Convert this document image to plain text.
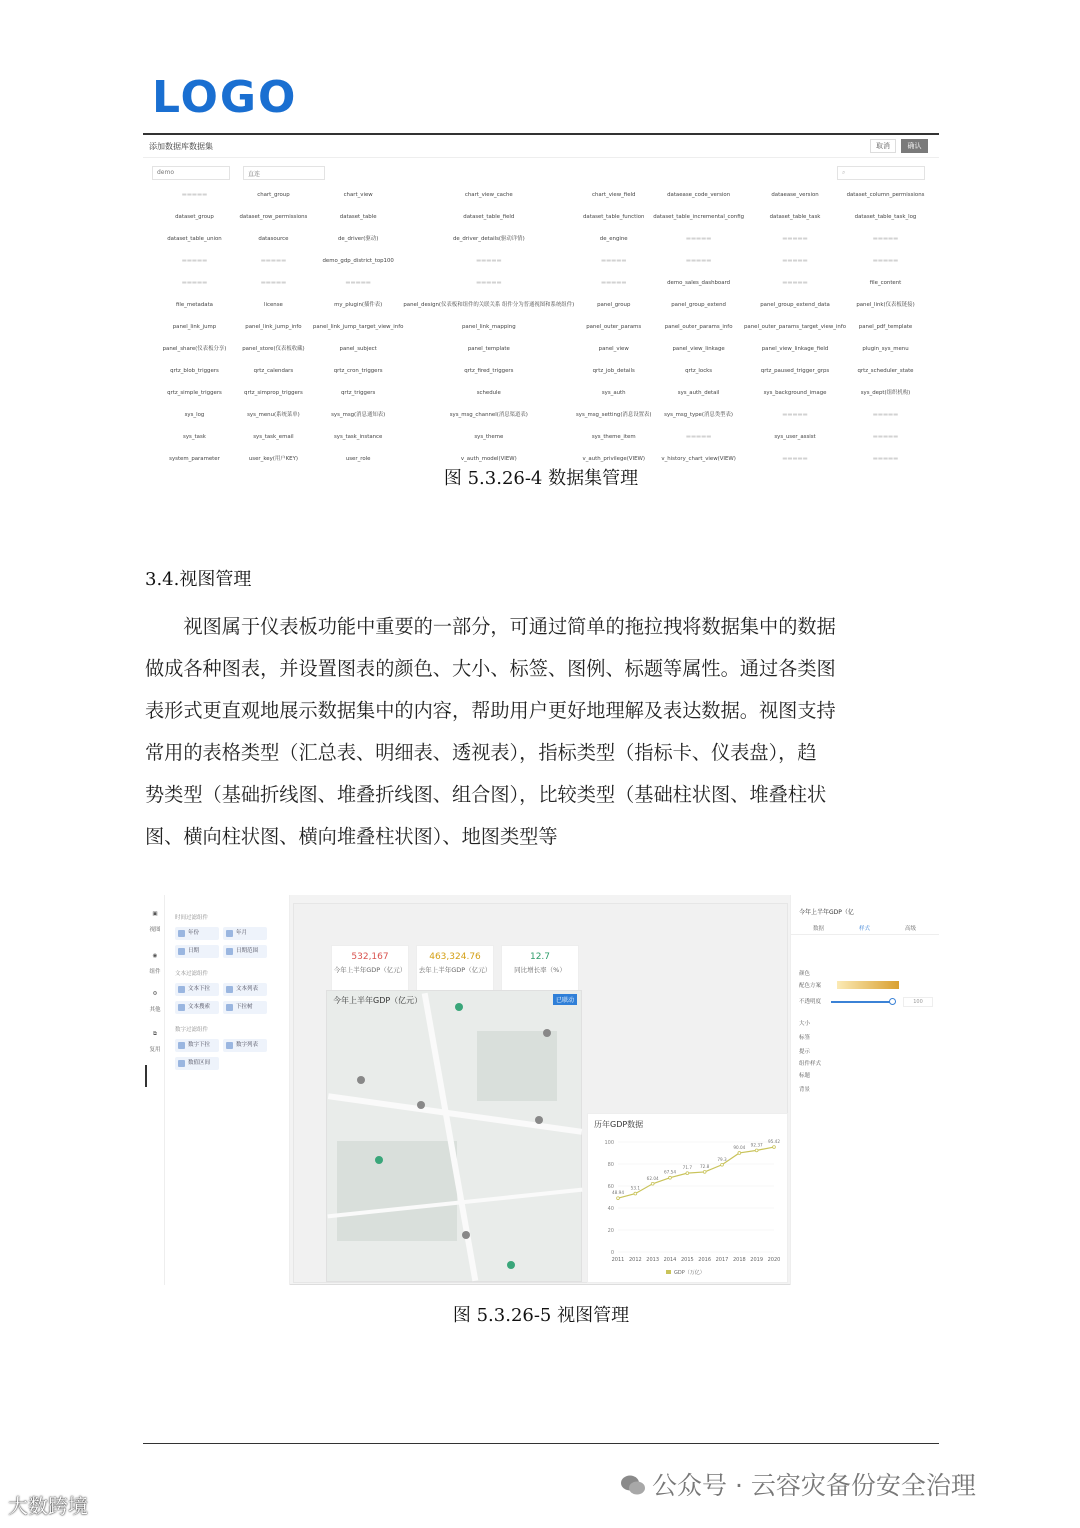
LOGO
添加数据库数据集	取消	确认
demo	直连	⌕
▬▬▬▬▬	chart_group	chart_view	chart_view_cache	chart_view_field	dataease_code_version	dataease_version	dataset_column_permissions
dataset_group	dataset_row_permissions	dataset_table	dataset_table_field	dataset_table_function	dataset_table_incremental_config	dataset_table_task	dataset_table_task_log
dataset_table_union	datasource	de_driver(驱动)	de_driver_details(驱动详情)	de_engine	▬▬▬▬▬	▬▬▬▬▬	▬▬▬▬▬
▬▬▬▬▬	▬▬▬▬▬	demo_gdp_district_top100	▬▬▬▬▬	▬▬▬▬▬	▬▬▬▬▬	▬▬▬▬▬	▬▬▬▬▬
▬▬▬▬▬	▬▬▬▬▬	▬▬▬▬▬	▬▬▬▬▬	▬▬▬▬▬	demo_sales_dashboard	▬▬▬▬▬	file_content
file_metadata	license	my_plugin(插件表)	panel_design(仪表板和组件的关联关系 组件分为普通视图和系统组件)	panel_group	panel_group_extend	panel_group_extend_data	panel_link(仪表板链接)
panel_link_jump	panel_link_jump_info	panel_link_jump_target_view_info	panel_link_mapping	panel_outer_params	panel_outer_params_info	panel_outer_params_target_view_info	panel_pdf_template
panel_share(仪表板分享)	panel_store(仪表板收藏)	panel_subject	panel_template	panel_view	panel_view_linkage	panel_view_linkage_field	plugin_sys_menu
qrtz_blob_triggers	qrtz_calendars	qrtz_cron_triggers	qrtz_fired_triggers	qrtz_job_details	qrtz_locks	qrtz_paused_trigger_grps	qrtz_scheduler_state
qrtz_simple_triggers	qrtz_simprop_triggers	qrtz_triggers	schedule	sys_auth	sys_auth_detail	sys_background_image	sys_dept(组织机构)
sys_log	sys_menu(系统菜单)	sys_msg(消息通知表)	sys_msg_channel(消息渠道表)	sys_msg_setting(消息设置表)	sys_msg_type(消息类型表)	▬▬▬▬▬	▬▬▬▬▬
sys_task	sys_task_email	sys_task_instance	sys_theme	sys_theme_item	▬▬▬▬▬	sys_user_assist	▬▬▬▬▬
system_parameter	user_key(用户KEY)	user_role	v_auth_model(VIEW)	v_auth_privilege(VIEW)	v_history_chart_view(VIEW)	▬▬▬▬▬	▬▬▬▬▬
图 5.3.26-4 数据集管理
3.4.视图管理
视图属于仪表板功能中重要的一部分，可通过简单的拖拉拽将数据集中的数据
做成各种图表，并设置图表的颜色、大小、标签、图例、标题等属性。通过各类图
表形式更直观地展示数据集中的内容，帮助用户更好地理解及表达数据。视图支持
常用的表格类型（汇总表、明细表、透视表），指标类型（指标卡、仪表盘），趋
势类型（基础折线图、堆叠折线图、组合图），比较类型（基础柱状图、堆叠柱状
图、横向柱状图、横向堆叠柱状图）、地图类型等
▣
视图
◉
组件
⚙
其他
⧉
复用
时间过滤组件
年份	年月
日期	日期范围
文本过滤组件
文本下拉	文本列表
文本搜索	下拉树
数字过滤组件
数字下拉	数字列表
数值区间
532,167
今年上半年GDP（亿元）
463,324.76
去年上半年GDP（亿元）
12.7
同比增长率（%）
今年上半年GDP（亿元）	已联动
历年GDP数据
100
80
60
40
20
0
2011 2012 2013 2014 2015 2016 2017 2018 2019 2020
48.94
53.1
62.04
67.54
71.7 72.8
79.3
90.04
92.37
95.42
GDP（万亿）
今年上半年GDP（亿
数据	样式	高级
颜色
配色方案
不透明度	100
大小
标签
提示
组件样式
标题
背景
图 5.3.26-5 视图管理
公众号 · 云容灾备份安全治理
大数跨境
